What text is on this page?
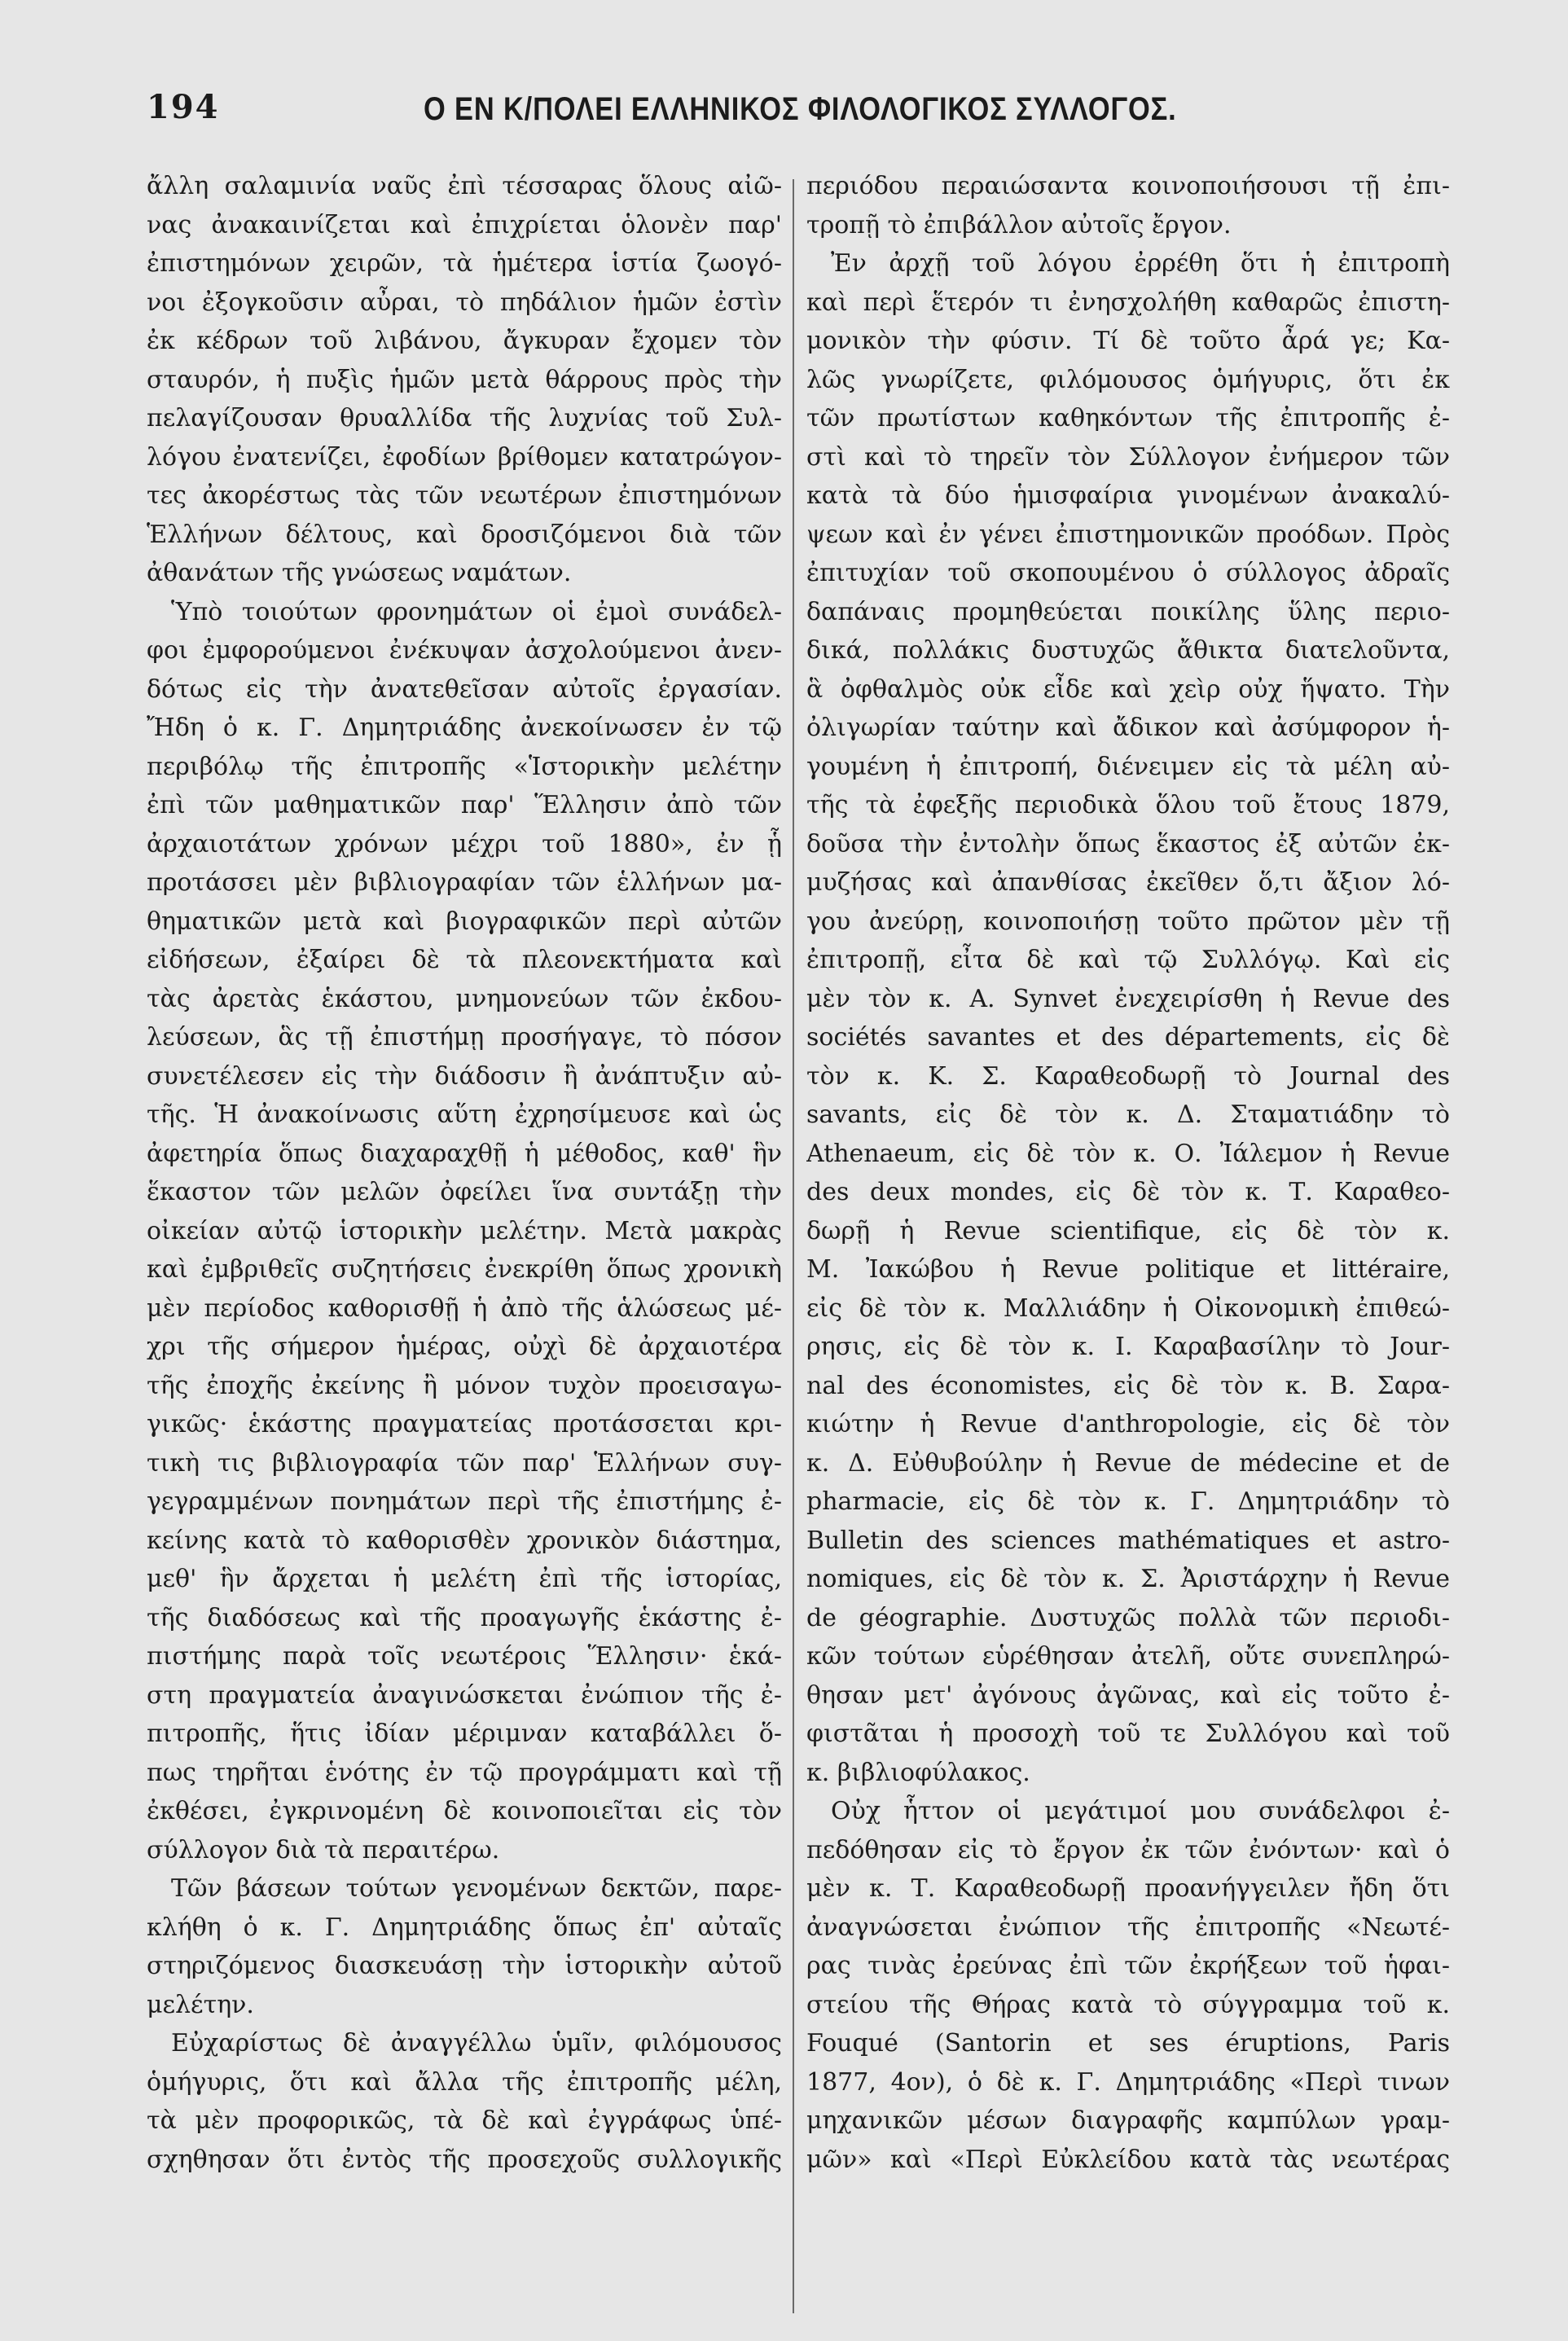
194	Ο ΕΝ Κ/ΠΟΛΕΙ ΕΛΛΗΝΙΚΟΣ ΦΙΛΟΛΟΓΙΚΟΣ ΣΥΛΛΟΓΟΣ.
ἄλλη σαλαμινία ναῦς ἐπὶ τέσσαρας ὅλους αἰῶ-
νας ἀνακαινίζεται καὶ ἐπιχρίεται ὁλονὲν παρ'
ἐπιστημόνων χειρῶν, τὰ ἡμέτερα ἱστία ζωογό-
νοι ἐξογκοῦσιν αὖραι, τὸ πηδάλιον ἡμῶν ἐστὶν
ἐκ κέδρων τοῦ λιβάνου, ἄγκυραν ἔχομεν τὸν
σταυρόν, ἡ πυξὶς ἡμῶν μετὰ θάρρους πρὸς τὴν
πελαγίζουσαν θρυαλλίδα τῆς λυχνίας τοῦ Συλ-
λόγου ἐνατενίζει, ἐφοδίων βρίθομεν κατατρώγον-
τες ἀκορέστως τὰς τῶν νεωτέρων ἐπιστημόνων
Ἑλλήνων δέλτους, καὶ δροσιζόμενοι διὰ τῶν
ἀθανάτων τῆς γνώσεως ναμάτων.
Ὑπὸ τοιούτων φρονημάτων οἱ ἐμοὶ συνάδελ-
φοι ἐμφορούμενοι ἐνέκυψαν ἀσχολούμενοι ἀνεν-
δότως εἰς τὴν ἀνατεθεῖσαν αὐτοῖς ἐργασίαν.
Ἤδη ὁ κ. Γ. Δημητριάδης ἀνεκοίνωσεν ἐν τῷ
περιβόλῳ τῆς ἐπιτροπῆς «Ἱστορικὴν μελέτην
ἐπὶ τῶν μαθηματικῶν παρ' Ἕλλησιν ἀπὸ τῶν
ἀρχαιοτάτων χρόνων μέχρι τοῦ 1880», ἐν ᾗ
προτάσσει μὲν βιβλιογραφίαν τῶν ἑλλήνων μα-
θηματικῶν μετὰ καὶ βιογραφικῶν περὶ αὐτῶν
εἰδήσεων, ἐξαίρει δὲ τὰ πλεονεκτήματα καὶ
τὰς ἀρετὰς ἑκάστου, μνημονεύων τῶν ἐκδου-
λεύσεων, ἃς τῇ ἐπιστήμῃ προσήγαγε, τὸ πόσον
συνετέλεσεν εἰς τὴν διάδοσιν ἢ ἀνάπτυξιν αὐ-
τῆς. Ἡ ἀνακοίνωσις αὕτη ἐχρησίμευσε καὶ ὡς
ἀφετηρία ὅπως διαχαραχθῇ ἡ μέθοδος, καθ' ἣν
ἕκαστον τῶν μελῶν ὀφείλει ἵνα συντάξῃ τὴν
οἰκείαν αὐτῷ ἱστορικὴν μελέτην. Μετὰ μακρὰς
καὶ ἐμβριθεῖς συζητήσεις ἐνεκρίθη ὅπως χρονικὴ
μὲν περίοδος καθορισθῇ ἡ ἀπὸ τῆς ἁλώσεως μέ-
χρι τῆς σήμερον ἡμέρας, οὐχὶ δὲ ἀρχαιοτέρα
τῆς ἐποχῆς ἐκείνης ἢ μόνον τυχὸν προεισαγω-
γικῶς· ἑκάστης πραγματείας προτάσσεται κρι-
τικὴ τις βιβλιογραφία τῶν παρ' Ἑλλήνων συγ-
γεγραμμένων πονημάτων περὶ τῆς ἐπιστήμης ἐ-
κείνης κατὰ τὸ καθορισθὲν χρονικὸν διάστημα,
μεθ' ἣν ἄρχεται ἡ μελέτη ἐπὶ τῆς ἱστορίας,
τῆς διαδόσεως καὶ τῆς προαγωγῆς ἑκάστης ἐ-
πιστήμης παρὰ τοῖς νεωτέροις Ἕλλησιν· ἑκά-
στη πραγματεία ἀναγινώσκεται ἐνώπιον τῆς ἐ-
πιτροπῆς, ἥτις ἰδίαν μέριμναν καταβάλλει ὅ-
πως τηρῆται ἑνότης ἐν τῷ προγράμματι καὶ τῇ
ἐκθέσει, ἐγκρινομένη δὲ κοινοποιεῖται εἰς τὸν
σύλλογον διὰ τὰ περαιτέρω.
Τῶν βάσεων τούτων γενομένων δεκτῶν, παρε-
κλήθη ὁ κ. Γ. Δημητριάδης ὅπως ἐπ' αὐταῖς
στηριζόμενος διασκευάσῃ τὴν ἱστορικὴν αὐτοῦ
μελέτην.
Εὐχαρίστως δὲ ἀναγγέλλω ὑμῖν, φιλόμουσος
ὁμήγυρις, ὅτι καὶ ἄλλα τῆς ἐπιτροπῆς μέλη,
τὰ μὲν προφορικῶς, τὰ δὲ καὶ ἐγγράφως ὑπέ-
σχηθησαν ὅτι ἐντὸς τῆς προσεχοῦς συλλογικῆς
περιόδου περαιώσαντα κοινοποιήσουσι τῇ ἐπι-
τροπῇ τὸ ἐπιβάλλον αὐτοῖς ἔργον.
Ἐν ἀρχῇ τοῦ λόγου ἐρρέθη ὅτι ἡ ἐπιτροπὴ
καὶ περὶ ἕτερόν τι ἐνησχολήθη καθαρῶς ἐπιστη-
μονικὸν τὴν φύσιν. Τί δὲ τοῦτο ἆρά γε; Κα-
λῶς γνωρίζετε, φιλόμουσος ὁμήγυρις, ὅτι ἐκ
τῶν πρωτίστων καθηκόντων τῆς ἐπιτροπῆς ἐ-
στὶ καὶ τὸ τηρεῖν τὸν Σύλλογον ἐνήμερον τῶν
κατὰ τὰ δύο ἡμισφαίρια γινομένων ἀνακαλύ-
ψεων καὶ ἐν γένει ἐπιστημονικῶν προόδων. Πρὸς
ἐπιτυχίαν τοῦ σκοπουμένου ὁ σύλλογος ἀδραῖς
δαπάναις προμηθεύεται ποικίλης ὕλης περιο-
δικά, πολλάκις δυστυχῶς ἄθικτα διατελοῦντα,
ἃ ὀφθαλμὸς οὐκ εἶδε καὶ χεὶρ οὐχ ἥψατο. Τὴν
ὀλιγωρίαν ταύτην καὶ ἄδικον καὶ ἀσύμφορον ἡ-
γουμένη ἡ ἐπιτροπή, διένειμεν εἰς τὰ μέλη αὐ-
τῆς τὰ ἐφεξῆς περιοδικὰ ὅλου τοῦ ἔτους 1879,
δοῦσα τὴν ἐντολὴν ὅπως ἕκαστος ἐξ αὐτῶν ἐκ-
μυζήσας καὶ ἀπανθίσας ἐκεῖθεν ὅ,τι ἄξιον λό-
γου ἀνεύρῃ, κοινοποιήσῃ τοῦτο πρῶτον μὲν τῇ
ἐπιτροπῇ, εἶτα δὲ καὶ τῷ Συλλόγῳ. Καὶ εἰς
μὲν τὸν κ. A. Synvet ἐνεχειρίσθη ἡ Revue des
sociétés savantes et des départements, εἰς δὲ
τὸν κ. Κ. Σ. Καραθεοδωρῇ τὸ Journal des
savants, εἰς δὲ τὸν κ. Δ. Σταματιάδην τὸ
Athenaeum, εἰς δὲ τὸν κ. Ο. Ἰάλεμον ἡ Revue
des deux mondes, εἰς δὲ τὸν κ. Τ. Καραθεο-
δωρῇ ἡ Revue scientifique, εἰς δὲ τὸν κ.
Μ. Ἰακώβου ἡ Revue politique et littéraire,
εἰς δὲ τὸν κ. Μαλλιάδην ἡ Οἰκονομικὴ ἐπιθεώ-
ρησις, εἰς δὲ τὸν κ. Ι. Καραβασίλην τὸ Jour-
nal des économistes, εἰς δὲ τὸν κ. Β. Σαρα-
κιώτην ἡ Revue d'anthropologie, εἰς δὲ τὸν
κ. Δ. Εὐθυβούλην ἡ Revue de médecine et de
pharmacie, εἰς δὲ τὸν κ. Γ. Δημητριάδην τὸ
Bulletin des sciences mathématiques et astro-
nomiques, εἰς δὲ τὸν κ. Σ. Ἀριστάρχην ἡ Revue
de géographie. Δυστυχῶς πολλὰ τῶν περιοδι-
κῶν τούτων εὑρέθησαν ἀτελῆ, οὔτε συνεπληρώ-
θησαν μετ' ἀγόνους ἀγῶνας, καὶ εἰς τοῦτο ἐ-
φιστᾶται ἡ προσοχὴ τοῦ τε Συλλόγου καὶ τοῦ
κ. βιβλιοφύλακος.
Οὐχ ἧττον οἱ μεγάτιμοί μου συνάδελφοι ἐ-
πεδόθησαν εἰς τὸ ἔργον ἐκ τῶν ἐνόντων· καὶ ὁ
μὲν κ. Τ. Καραθεοδωρῇ προανήγγειλεν ἤδη ὅτι
ἀναγνώσεται ἐνώπιον τῆς ἐπιτροπῆς «Νεωτέ-
ρας τινὰς ἐρεύνας ἐπὶ τῶν ἐκρήξεων τοῦ ἡφαι-
στείου τῆς Θήρας κατὰ τὸ σύγγραμμα τοῦ κ.
Fouqué (Santorin et ses éruptions, Paris
1877, 4ον), ὁ δὲ κ. Γ. Δημητριάδης «Περὶ τινων
μηχανικῶν μέσων διαγραφῆς καμπύλων γραμ-
μῶν» καὶ «Περὶ Εὐκλείδου κατὰ τὰς νεωτέρας
